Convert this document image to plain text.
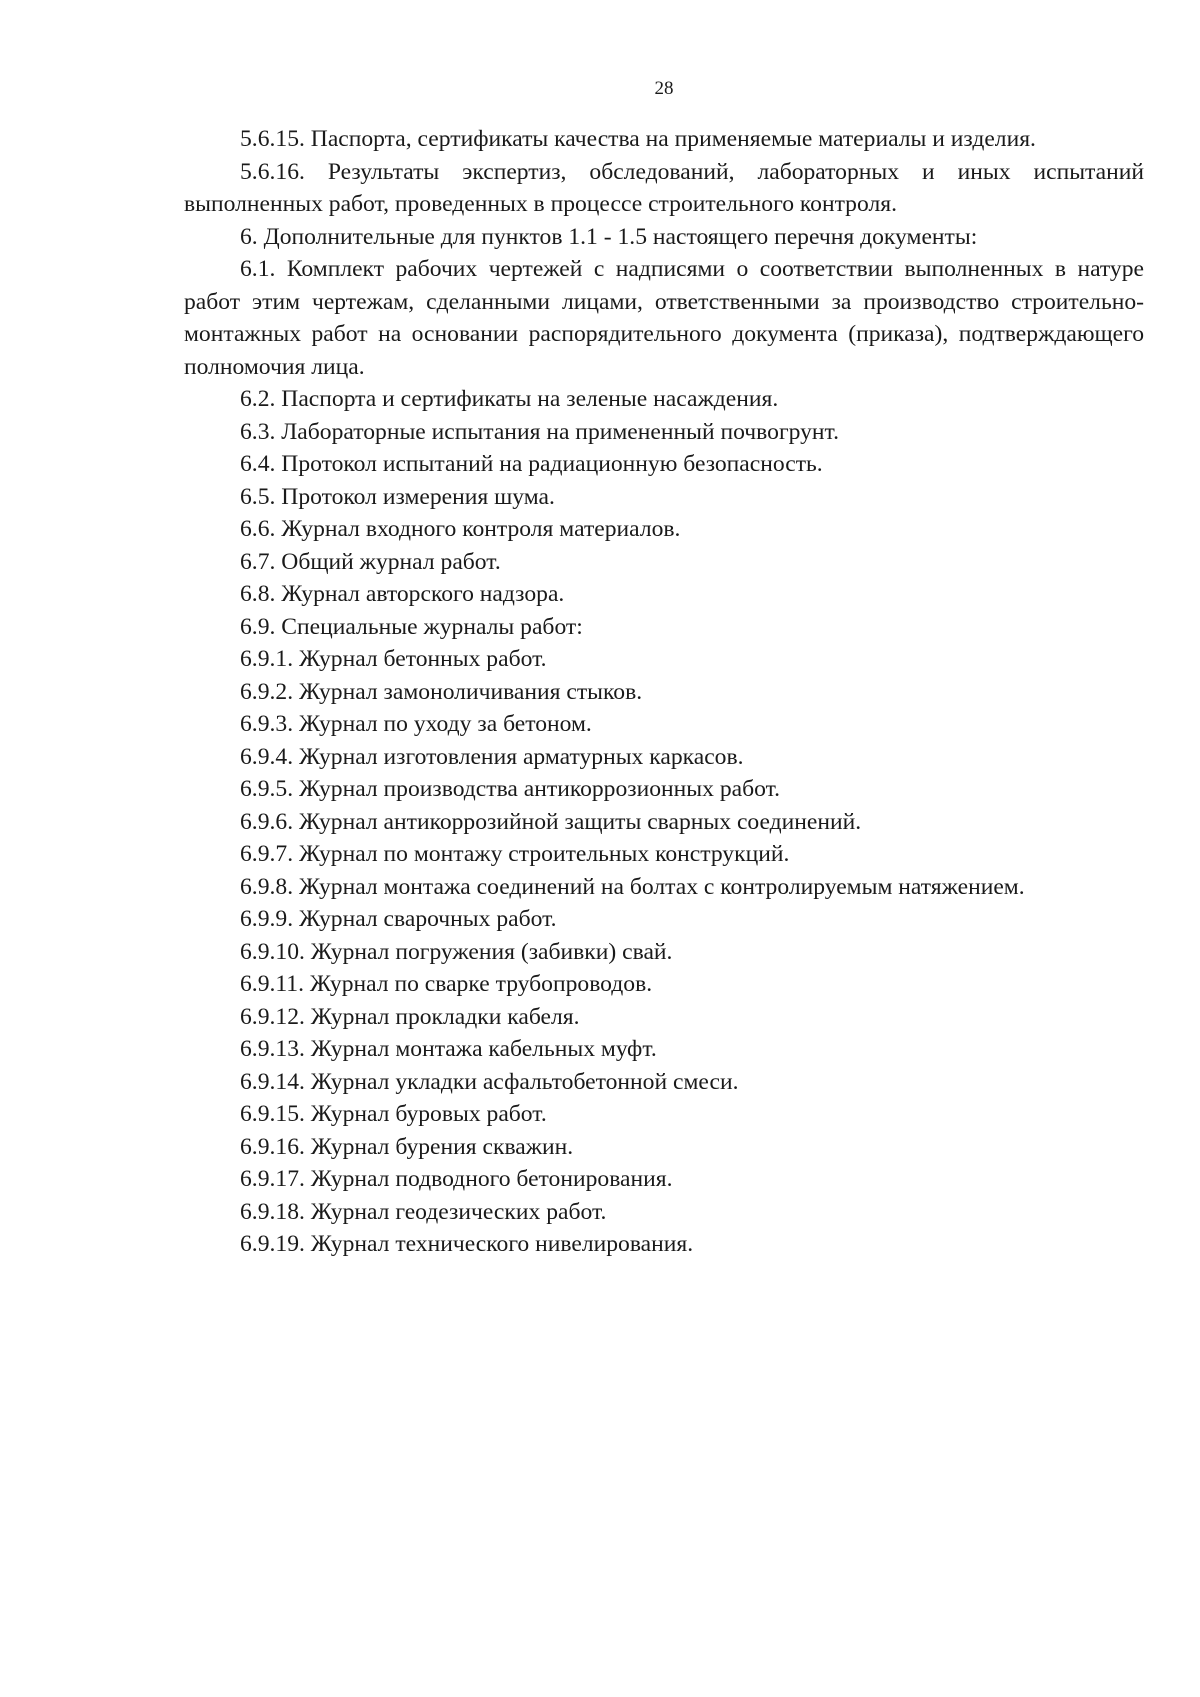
28

5.6.15. Паспорта, сертификаты качества на применяемые материалы и изделия.

5.6.16. Результаты экспертиз, обследований, лабораторных и иных испытаний выполненных работ, проведенных в процессе строительного контроля.

6. Дополнительные для пунктов 1.1 - 1.5 настоящего перечня документы:

6.1. Комплект рабочих чертежей с надписями о соответствии выполненных в натуре работ этим чертежам, сделанными лицами, ответственными за производство строительно-монтажных работ на основании распорядительного документа (приказа), подтверждающего полномочия лица.

6.2. Паспорта и сертификаты на зеленые насаждения.

6.3. Лабораторные испытания на примененный почвогрунт.

6.4. Протокол испытаний на радиационную безопасность.

6.5. Протокол измерения шума.

6.6. Журнал входного контроля материалов.

6.7. Общий журнал работ.

6.8. Журнал авторского надзора.

6.9. Специальные журналы работ:

6.9.1. Журнал бетонных работ.

6.9.2. Журнал замоноличивания стыков.

6.9.3. Журнал по уходу за бетоном.

6.9.4. Журнал изготовления арматурных каркасов.

6.9.5. Журнал производства антикоррозионных работ.

6.9.6. Журнал антикоррозийной защиты сварных соединений.

6.9.7. Журнал по монтажу строительных конструкций.

6.9.8. Журнал монтажа соединений на болтах с контролируемым натяжением.

6.9.9. Журнал сварочных работ.

6.9.10. Журнал погружения (забивки) свай.

6.9.11. Журнал по сварке трубопроводов.

6.9.12. Журнал прокладки кабеля.

6.9.13. Журнал монтажа кабельных муфт.

6.9.14. Журнал укладки асфальтобетонной смеси.

6.9.15. Журнал буровых работ.

6.9.16. Журнал бурения скважин.

6.9.17. Журнал подводного бетонирования.

6.9.18. Журнал геодезических работ.

6.9.19. Журнал технического нивелирования.
